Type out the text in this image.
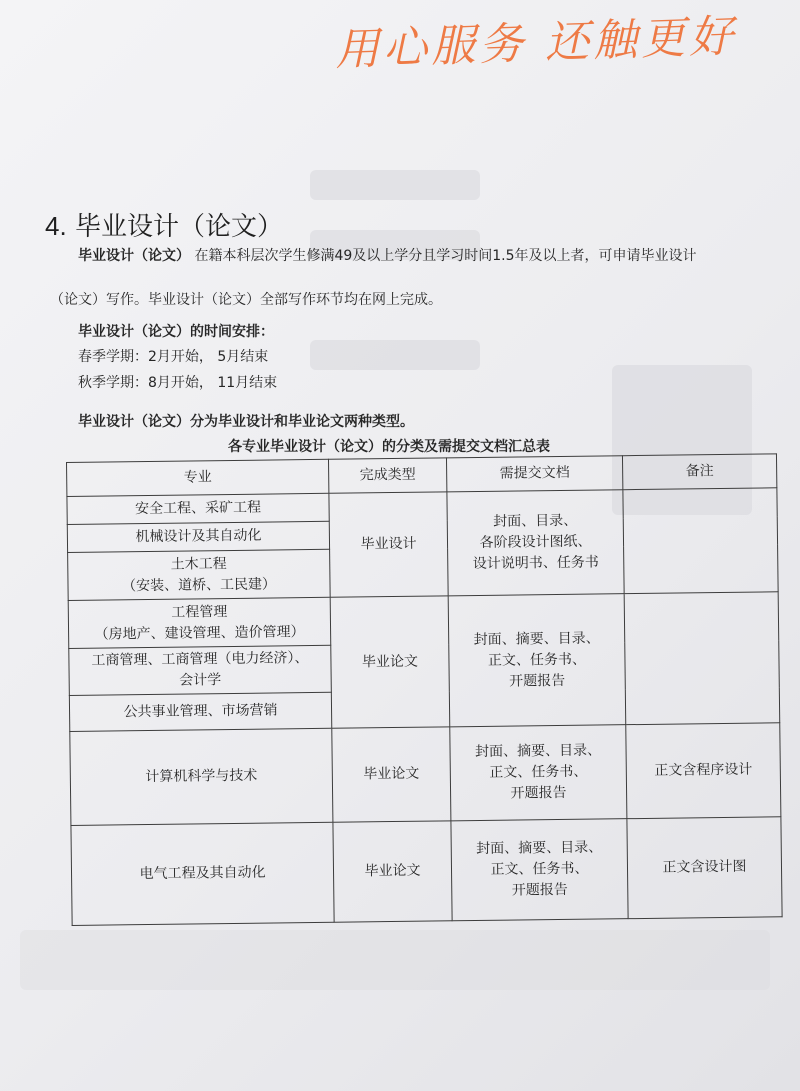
用心服务 还触更好
4. 毕业设计（论文）
毕业设计（论文） 在籍本科层次学生修满49及以上学分且学习时间1.5年及以上者，可申请毕业设计
（论文）写作。毕业设计（论文）全部写作环节均在网上完成。
毕业设计（论文）的时间安排：
春季学期：2月开始， 5月结束
秋季学期：8月开始， 11月结束
毕业设计（论文）分为毕业设计和毕业论文两种类型。
各专业毕业设计（论文）的分类及需提交文档汇总表
专业	完成类型	需提交文档	备注
安全工程、采矿工程	毕业设计	封面、目录、
各阶段设计图纸、
设计说明书、任务书	
机械设计及其自动化			
土木工程
（安装、道桥、工民建）			
工程管理
（房地产、建设管理、造价管理）	毕业论文	封面、摘要、目录、
正文、任务书、
开题报告	
工商管理、工商管理（电力经济）、
会计学			
公共事业管理、市场营销			
计算机科学与技术	毕业论文	封面、摘要、目录、
正文、任务书、
开题报告	正文含程序设计
电气工程及其自动化	毕业论文	封面、摘要、目录、
正文、任务书、
开题报告	正文含设计图
